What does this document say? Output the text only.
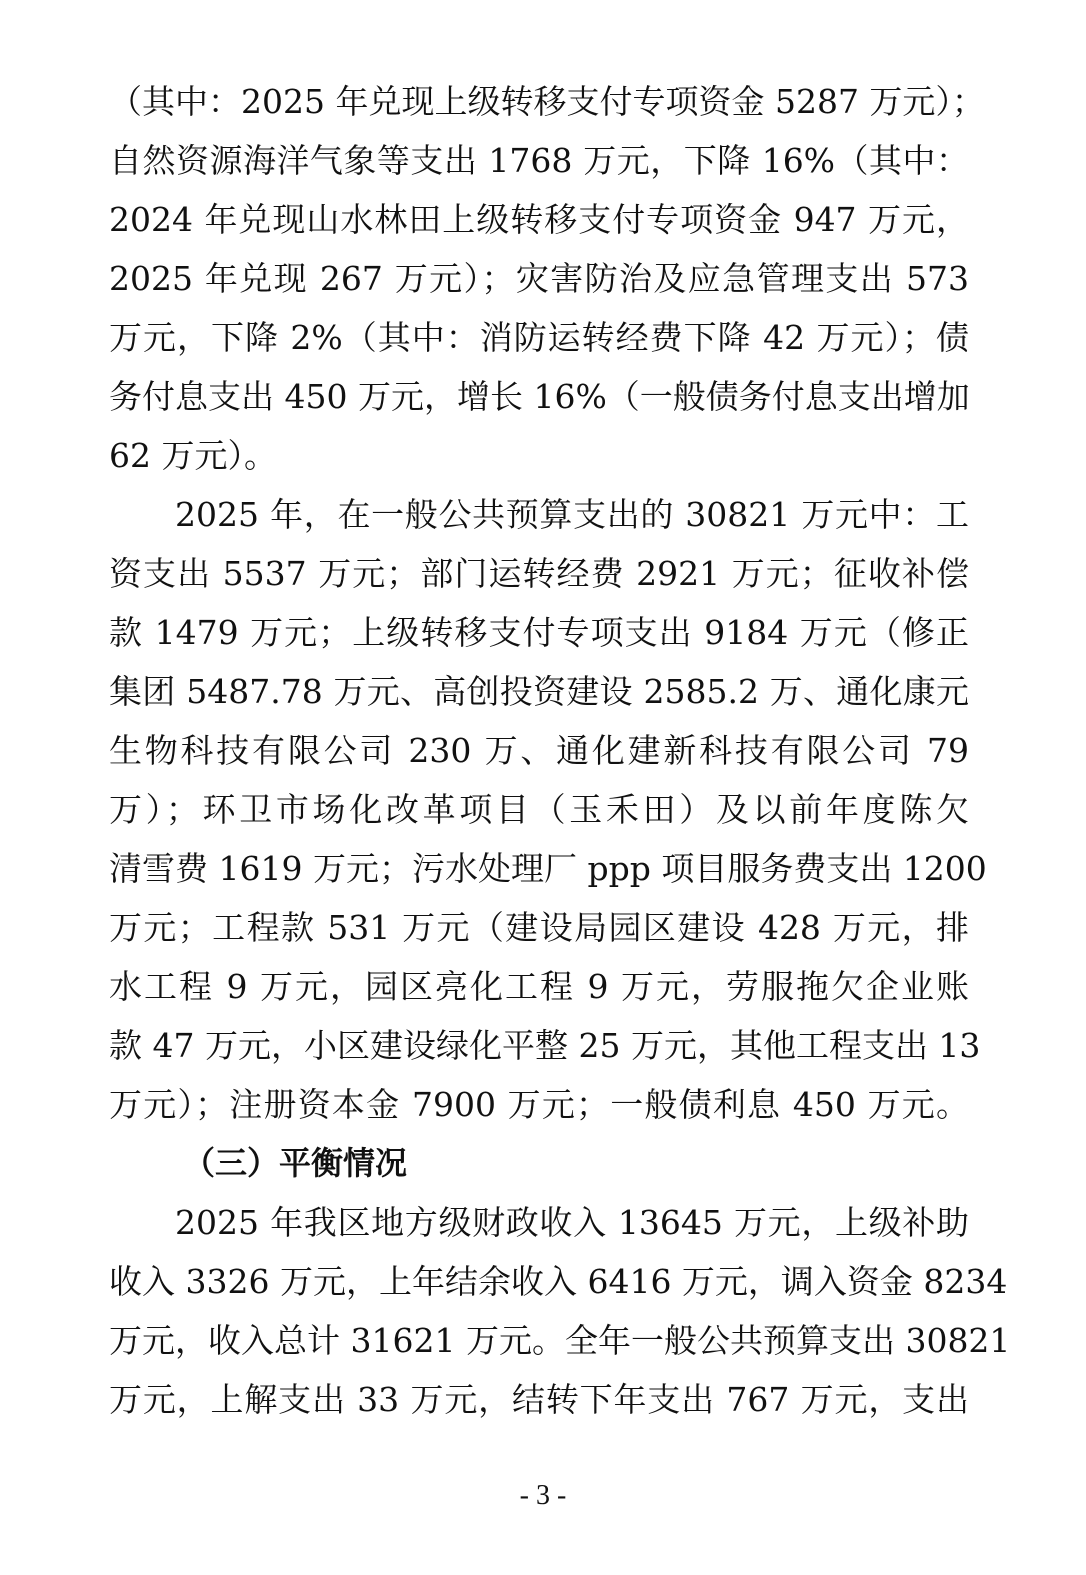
（其中：2025 年兑现上级转移支付专项资金 5287 万元）；
自然资源海洋气象等支出 1768 万元，下降 16%（其中：
2024 年兑现山水林田上级转移支付专项资金 947 万元，
2025 年兑现 267 万元）；灾害防治及应急管理支出 573
万元，下降 2%（其中：消防运转经费下降 42 万元）；债
务付息支出 450 万元，增长 16%（一般债务付息支出增加
62 万元）。
2025 年，在一般公共预算支出的 30821 万元中：工
资支出 5537 万元；部门运转经费 2921 万元；征收补偿
款 1479 万元；上级转移支付专项支出 9184 万元（修正
集团 5487.78 万元、高创投资建设 2585.2 万、通化康元
生物科技有限公司 230 万、通化建新科技有限公司 79
万）；环卫市场化改革项目（玉禾田）及以前年度陈欠
清雪费 1619 万元；污水处理厂 ppp 项目服务费支出 1200
万元；工程款 531 万元（建设局园区建设 428 万元，排
水工程 9 万元，园区亮化工程 9 万元，劳服拖欠企业账
款 47 万元，小区建设绿化平整 25 万元，其他工程支出 13
万元）；注册资本金 7900 万元；一般债利息 450 万元。
（三）平衡情况
2025 年我区地方级财政收入 13645 万元，上级补助
收入 3326 万元，上年结余收入 6416 万元，调入资金 8234
万元，收入总计 31621 万元。全年一般公共预算支出 30821
万元，上解支出 33 万元，结转下年支出 767 万元，支出
- 3 -
